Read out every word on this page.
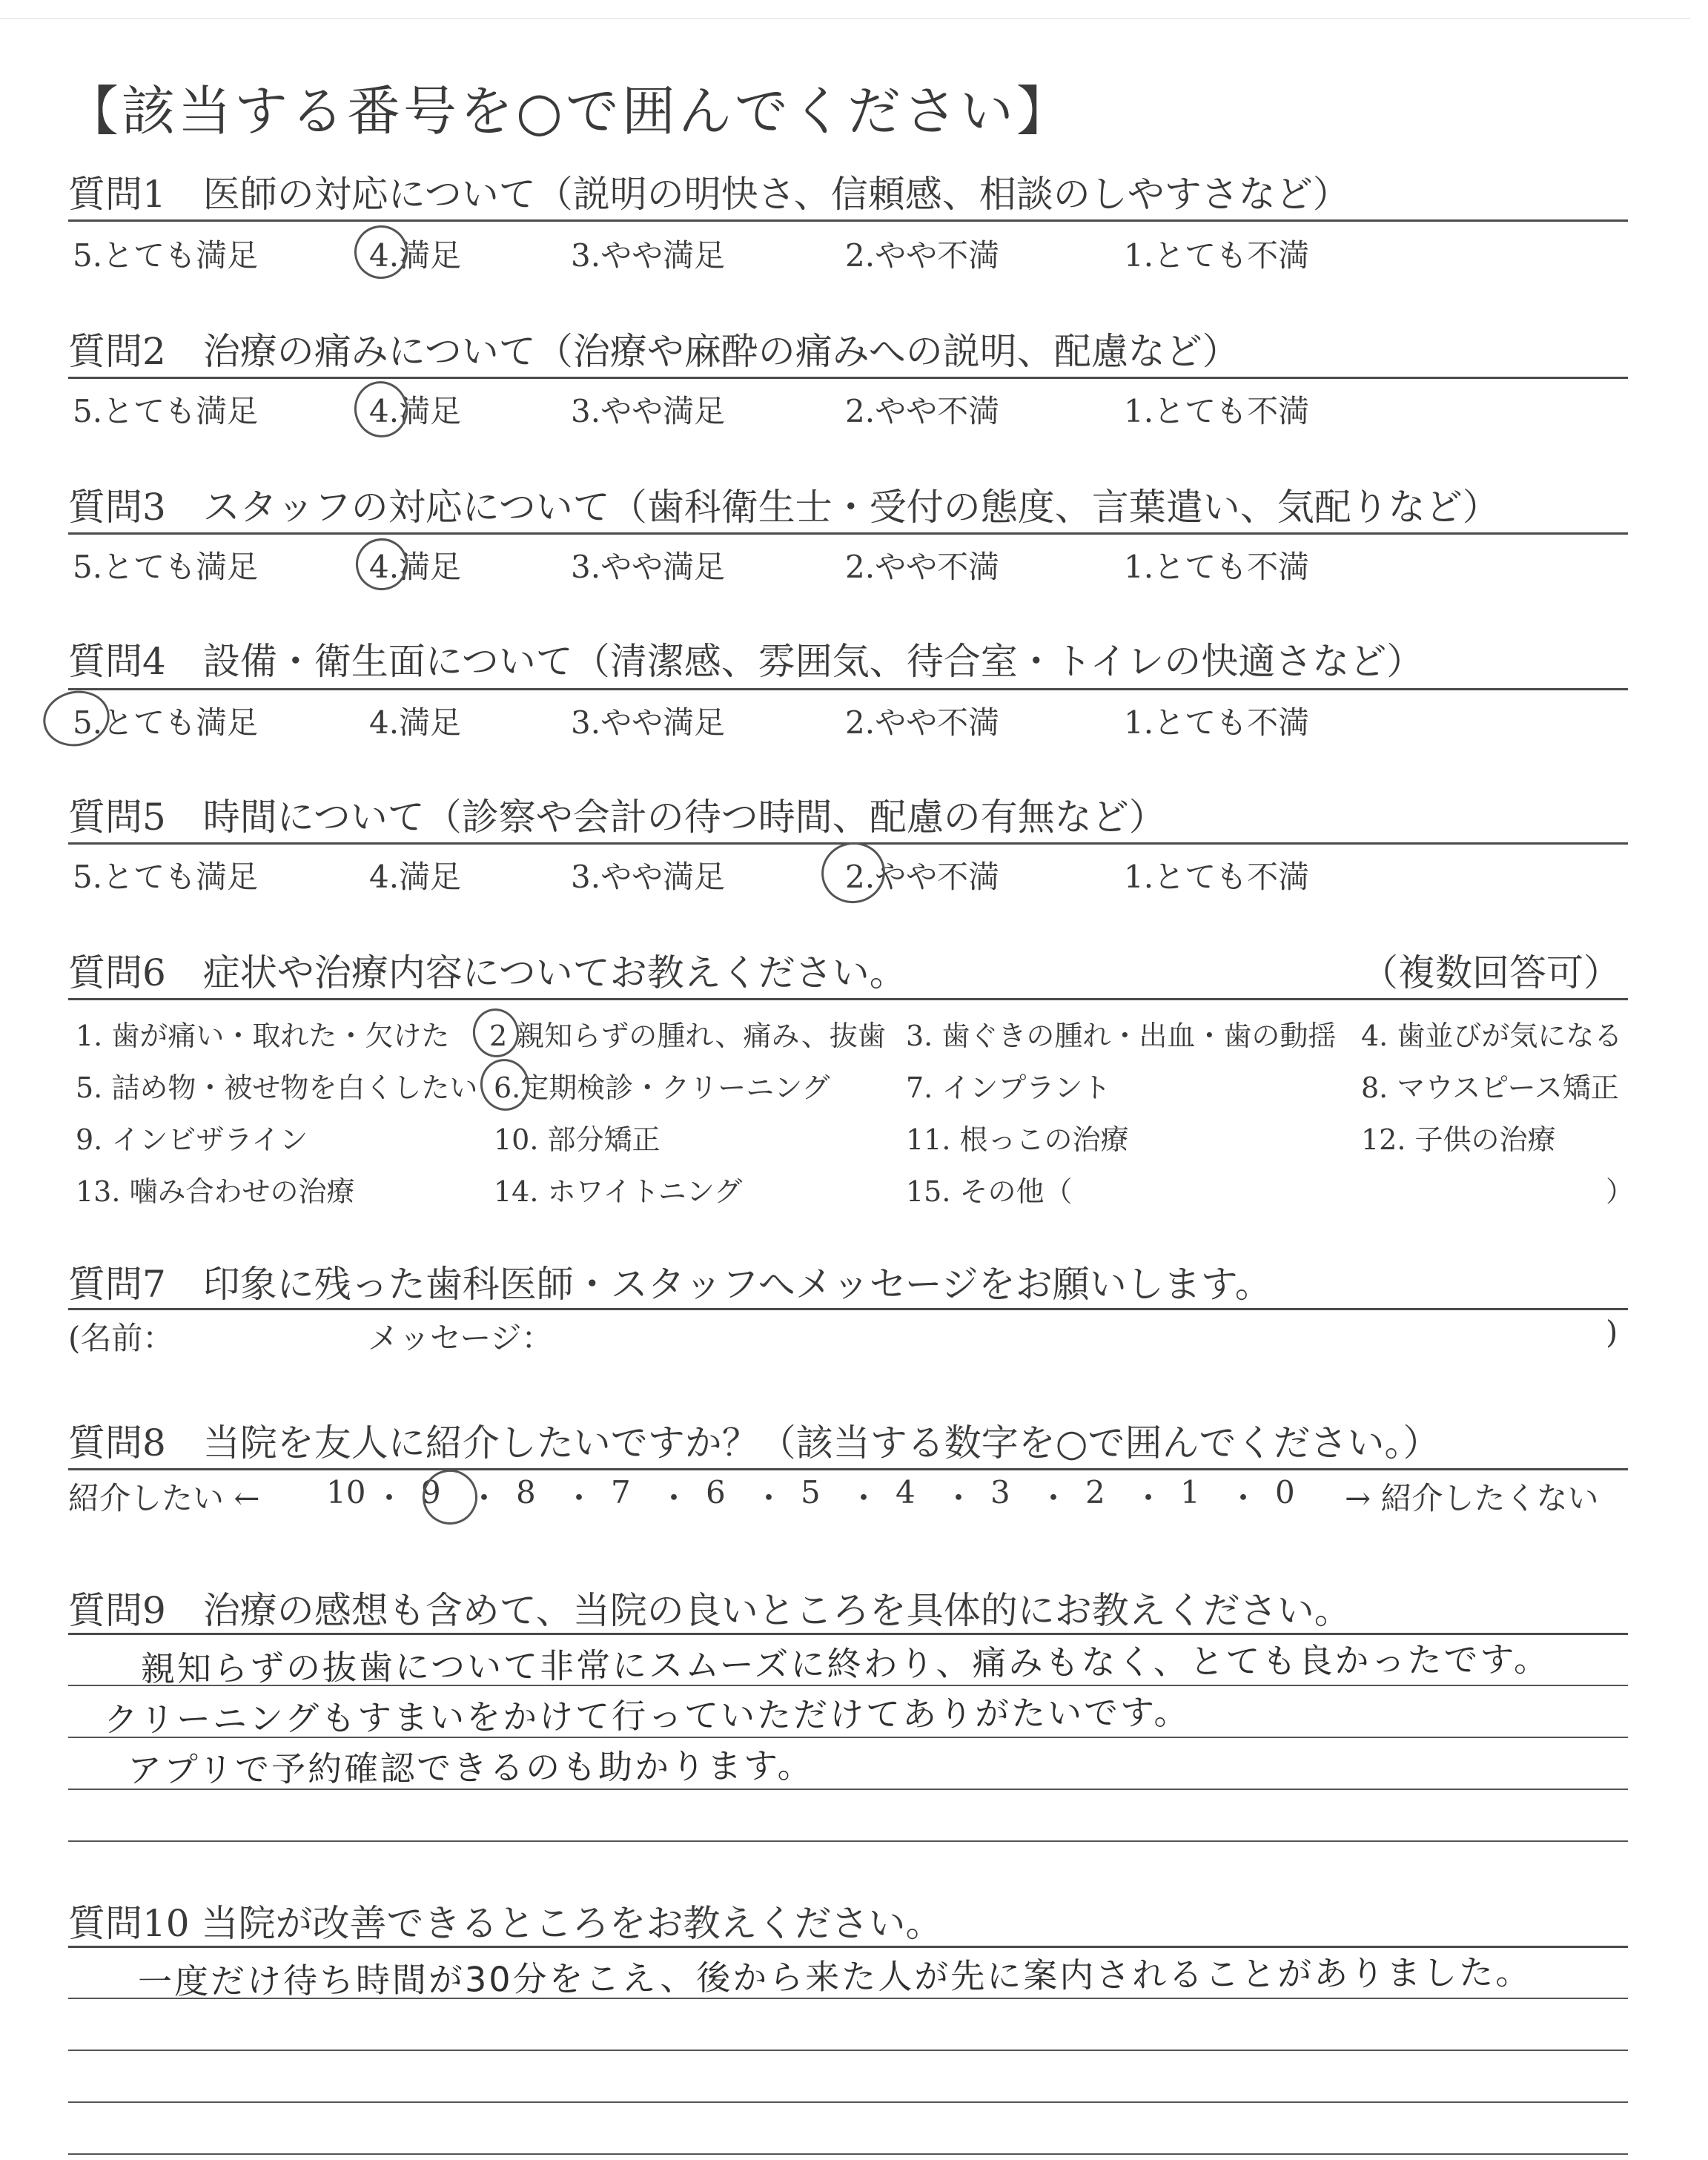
【該当する番号を○で囲んでください】
質問1　医師の対応について（説明の明快さ、信頼感、相談のしやすさなど）
5.とても満足	4.満足	3.やや満足	2.やや不満	1.とても不満
質問2　治療の痛みについて（治療や麻酔の痛みへの説明、配慮など）
5.とても満足	4.満足	3.やや満足	2.やや不満	1.とても不満
質問3　スタッフの対応について（歯科衛生士・受付の態度、言葉遣い、気配りなど）
5.とても満足	4.満足	3.やや満足	2.やや不満	1.とても不満
質問4　設備・衛生面について（清潔感、雰囲気、待合室・トイレの快適さなど）
5.とても満足	4.満足	3.やや満足	2.やや不満	1.とても不満
質問5　時間について（診察や会計の待つ時間、配慮の有無など）
5.とても満足	4.満足	3.やや満足	2.やや不満	1.とても不満
質問6　症状や治療内容についてお教えください。	（複数回答可）
1. 歯が痛い・取れた・欠けた 2 親知らずの腫れ、痛み、抜歯 3. 歯ぐきの腫れ・出血・歯の動揺 4. 歯並びが気になる
5. 詰め物・被せ物を白くしたい 6.定期検診・クリーニング	7. インプラント	8. マウスピース矯正
9. インビザライン	10. 部分矯正	11. 根っこの治療	12. 子供の治療
13. 噛み合わせの治療	14. ホワイトニング	15. その他（	）
質問7　印象に残った歯科医師・スタッフへメッセージをお願いします。
(名前：	メッセージ：	)
質問8　当院を友人に紹介したいですか？（該当する数字を○で囲んでください。）
紹介したい ←	→ 紹介したくない
10 ・ 9 ・ 8 ・ 7 ・ 6 ・ 5 ・ 4 ・ 3 ・ 2 ・ 1 ・ 0
質問9　治療の感想も含めて、当院の良いところを具体的にお教えください。
親知らずの抜歯について非常にスムーズに終わり、痛みもなく、とても良かったです。
クリーニングもすまいをかけて行っていただけてありがたいです。
アプリで予約確認できるのも助かります。
質問10 当院が改善できるところをお教えください。
一度だけ待ち時間が30分をこえ、後から来た人が先に案内されることがありました。
